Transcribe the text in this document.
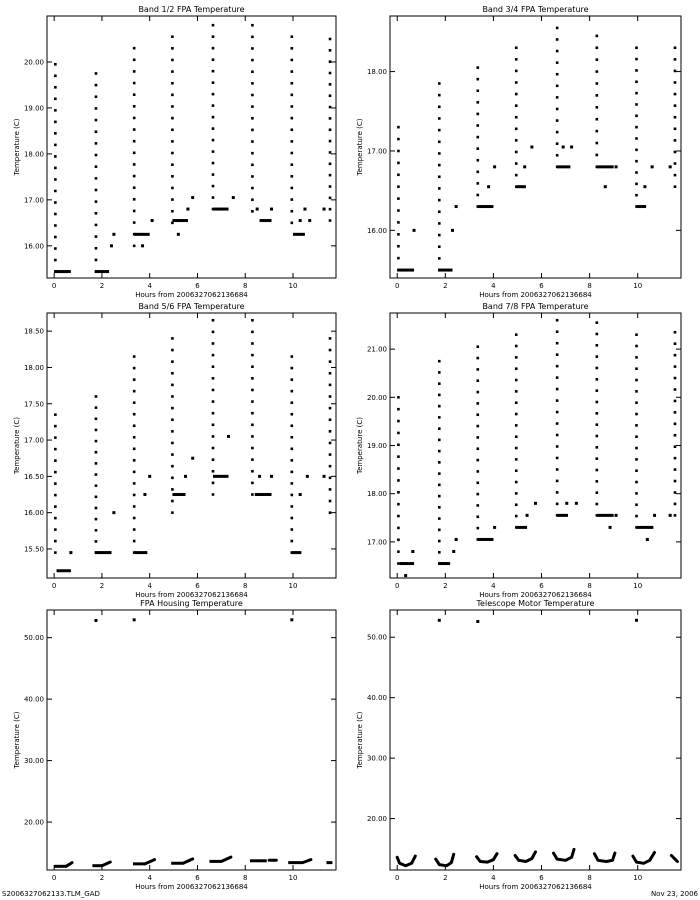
Band 1/2 FPA Temperature
0	2	4	6	8	10
16.00
17.00
18.00
19.00
20.00
Hours from 2006327062136684
Temperature (C)
Band 3/4 FPA Temperature
0	2	4	6	8	10
16.00
17.00
18.00
Hours from 2006327062136684
Temperature (C)
Band 5/6 FPA Temperature
0	2	4	6	8	10
15.50
16.00
16.50
17.00
17.50
18.00
18.50
Hours from 2006327062136684
Temperature (C)
Band 7/8 FPA Temperature
0	2	4	6	8	10
17.00
18.00
19.00
20.00
21.00
Hours from 2006327062136684
Temperature (C)
FPA Housing Temperature
0	2	4	6	8	10
20.00
30.00
40.00
50.00
Hours from 2006327062136684
Temperature (C)
Telescope Motor Temperature
0	2	4	6	8	10
20.00
30.00
40.00
50.00
Hours from 2006327062136684
Temperature (C)
S2006327062133.TLM_GAD	Nov 23, 2006
